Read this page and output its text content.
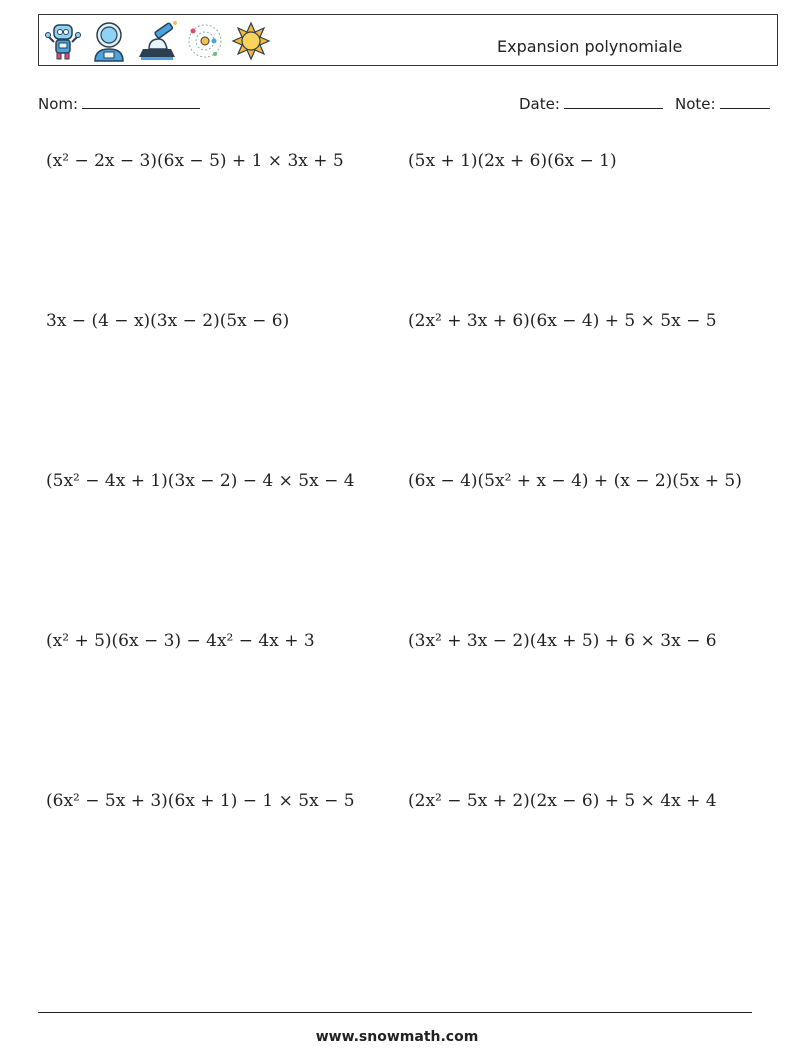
Expansion polynomiale
Nom:	Date:	Note:
(x² − 2x − 3)(6x − 5) + 1 × 3x + 5	(5x + 1)(2x + 6)(6x − 1)
3x − (4 − x)(3x − 2)(5x − 6)	(2x² + 3x + 6)(6x − 4) + 5 × 5x − 5
(5x² − 4x + 1)(3x − 2) − 4 × 5x − 4	(6x − 4)(5x² + x − 4) + (x − 2)(5x + 5)
(x² + 5)(6x − 3) − 4x² − 4x + 3	(3x² + 3x − 2)(4x + 5) + 6 × 3x − 6
(6x² − 5x + 3)(6x + 1) − 1 × 5x − 5	(2x² − 5x + 2)(2x − 6) + 5 × 4x + 4
www.snowmath.com
